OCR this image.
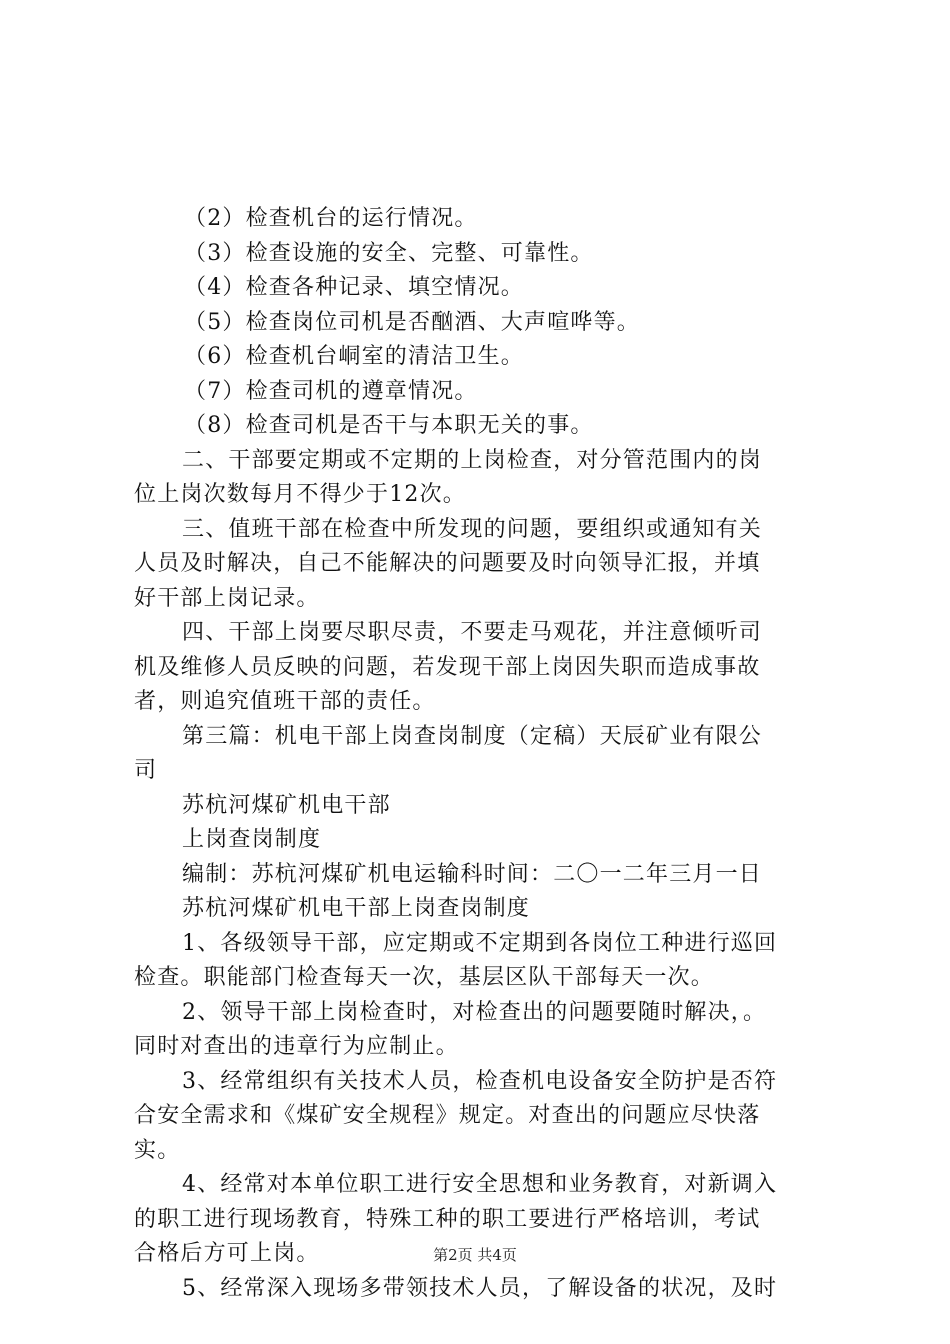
（2）检查机台的运行情况。
（3）检查设施的安全、完整、可靠性。
（4）检查各种记录、填空情况。
（5）检查岗位司机是否酗酒、大声喧哗等。
（6）检查机台峒室的清洁卫生。
（7）检查司机的遵章情况。
（8）检查司机是否干与本职无关的事。
二、干部要定期或不定期的上岗检查，对分管范围内的岗
位上岗次数每月不得少于12次。
三、值班干部在检查中所发现的问题，要组织或通知有关
人员及时解决，自己不能解决的问题要及时向领导汇报，并填
好干部上岗记录。
四、干部上岗要尽职尽责，不要走马观花，并注意倾听司
机及维修人员反映的问题，若发现干部上岗因失职而造成事故
者，则追究值班干部的责任。
第三篇：机电干部上岗查岗制度（定稿）天辰矿业有限公
司
苏杭河煤矿机电干部
上岗查岗制度
编制：苏杭河煤矿机电运输科时间：二〇一二年三月一日
苏杭河煤矿机电干部上岗查岗制度
1、各级领导干部，应定期或不定期到各岗位工种进行巡回
检查。职能部门检查每天一次，基层区队干部每天一次。
2、领导干部上岗检查时，对检查出的问题要随时解决，。
同时对查出的违章行为应制止。
3、经常组织有关技术人员，检查机电设备安全防护是否符
合安全需求和《煤矿安全规程》规定。对查出的问题应尽快落
实。
4、经常对本单位职工进行安全思想和业务教育，对新调入
的职工进行现场教育，特殊工种的职工要进行严格培训，考试
合格后方可上岗。
5、经常深入现场多带领技术人员，了解设备的状况，及时
第2页 共4页
